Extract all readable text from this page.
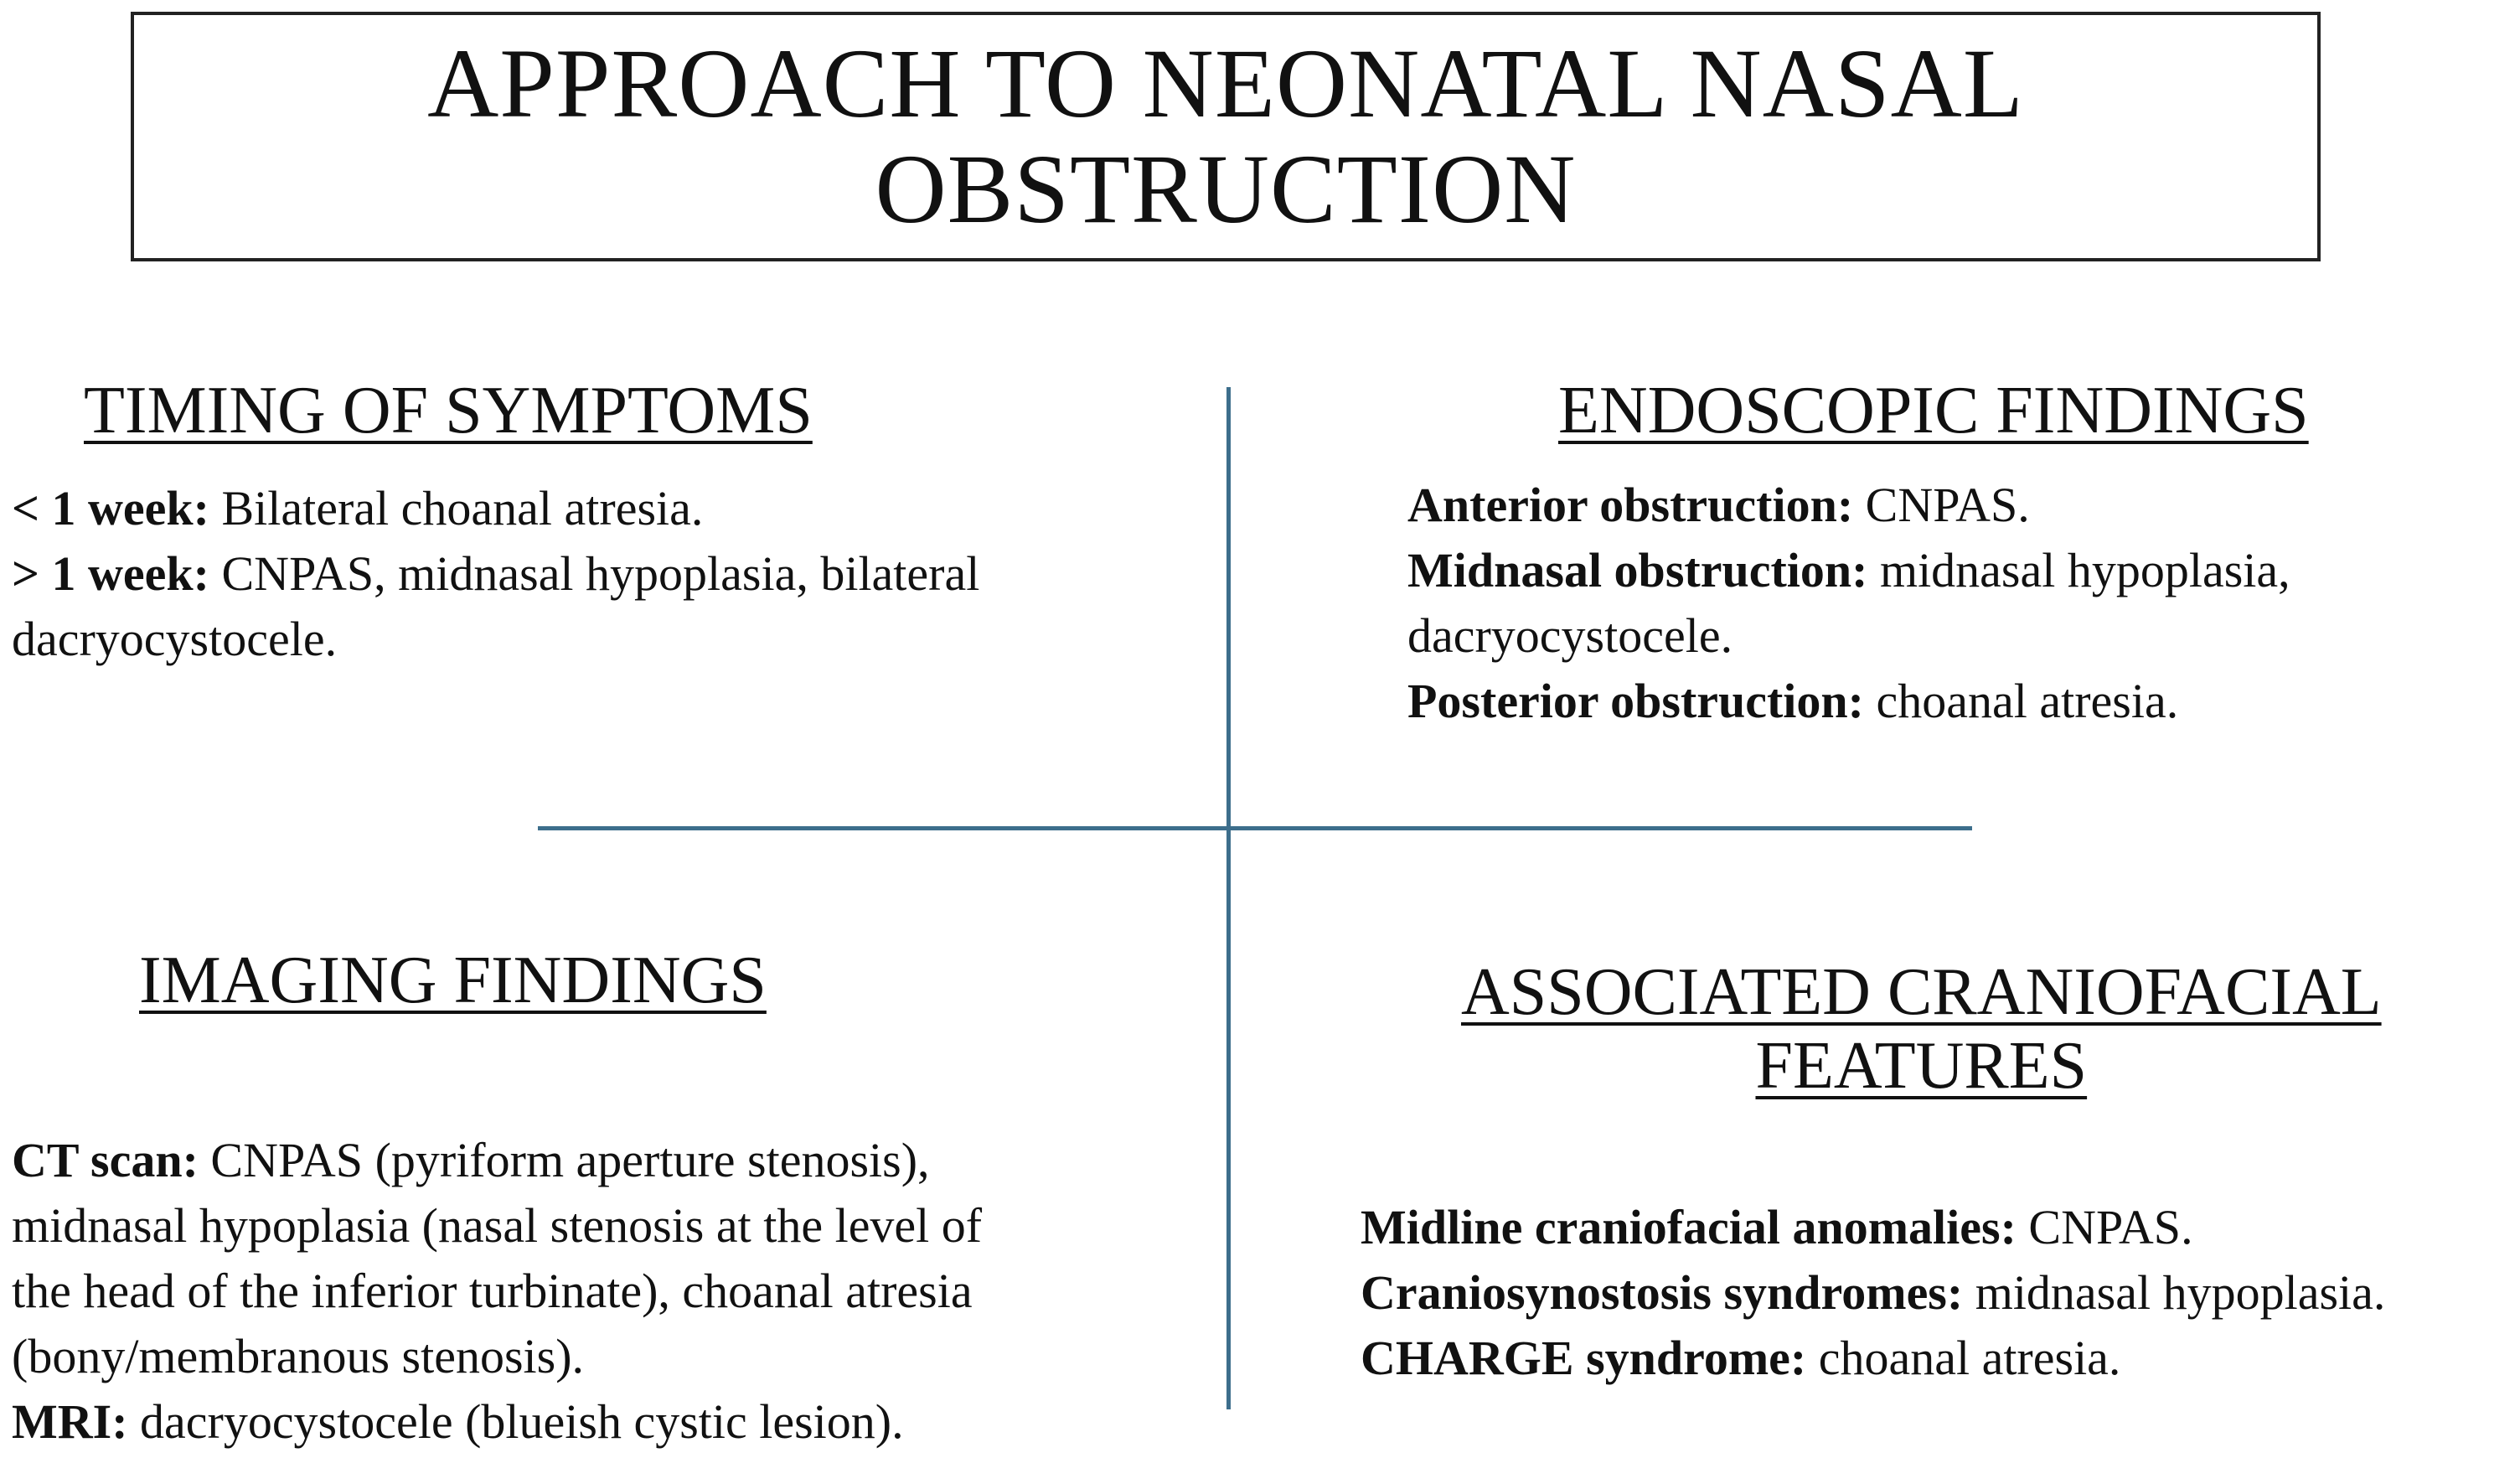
APPROACH TO NEONATAL NASAL
OBSTRUCTION
TIMING OF SYMPTOMS
< 1 week: Bilateral choanal atresia.
> 1 week: CNPAS, midnasal hypoplasia, bilateral
dacryocystocele.
ENDOSCOPIC FINDINGS
Anterior obstruction: CNPAS.
Midnasal obstruction: midnasal hypoplasia,
dacryocystocele.
Posterior obstruction: choanal atresia.
IMAGING FINDINGS
CT scan: CNPAS (pyriform aperture stenosis),
midnasal hypoplasia (nasal stenosis at the level of
the head of the inferior turbinate), choanal atresia
(bony/membranous stenosis).
MRI: dacryocystocele (blueish cystic lesion).
ASSOCIATED CRANIOFACIAL
FEATURES
Midline craniofacial anomalies: CNPAS.
Craniosynostosis syndromes: midnasal hypoplasia.
CHARGE syndrome: choanal atresia.
